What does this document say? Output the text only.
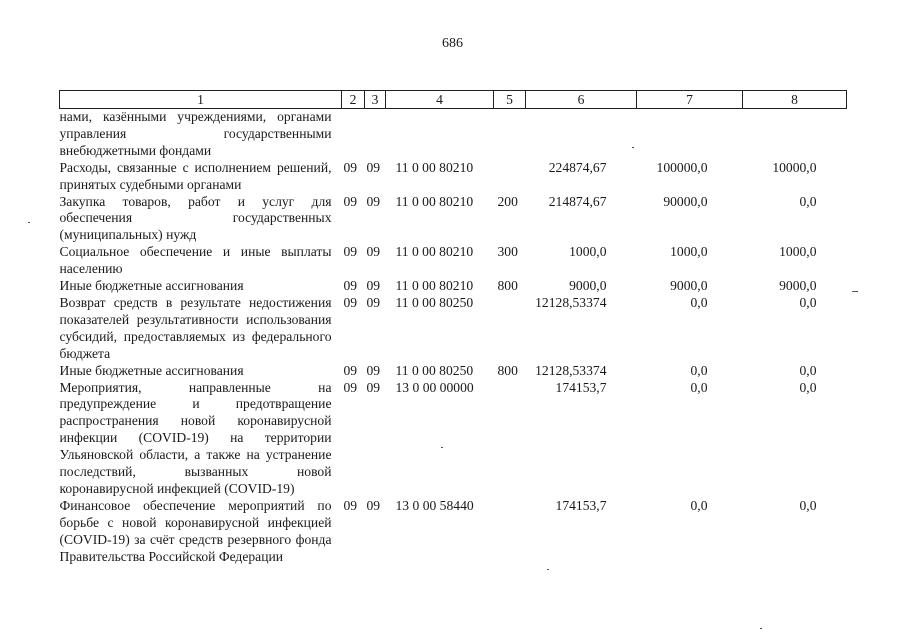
686
1	2	3	4	5	6	7	8
нами, казёнными учреждениями, органами управления государственными внебюджетными фондами							
Расходы, связанные с исполнением решений, принятых судебными органами	09	09	11 0 00 80210		224874,67	100000,0	10000,0
Закупка товаров, работ и услуг для обеспечения государственных (муниципальных) нужд	09	09	11 0 00 80210	200	214874,67	90000,0	0,0
Социальное обеспечение и иные выплаты населению	09	09	11 0 00 80210	300	1000,0	1000,0	1000,0
Иные бюджетные ассигнования	09	09	11 0 00 80210	800	9000,0	9000,0	9000,0
Возврат средств в результате недостижения показателей результативности использования субсидий, предоставляемых из федерального бюджета	09	09	11 0 00 80250		12128,53374	0,0	0,0
Иные бюджетные ассигнования	09	09	11 0 00 80250	800	12128,53374	0,0	0,0
Мероприятия, направленные на предупреждение и предотвращение распространения новой коронавирусной инфекции (COVID-19) на территории Ульяновской области, а также на устранение последствий, вызванных новой коронавирусной инфекцией (COVID-19)	09	09	13 0 00 00000		174153,7	0,0	0,0
Финансовое обеспечение мероприятий по борьбе с новой коронавирусной инфекцией (COVID-19) за счёт средств резервного фонда Правительства Российской Федерации	09	09	13 0 00 58440		174153,7	0,0	0,0
